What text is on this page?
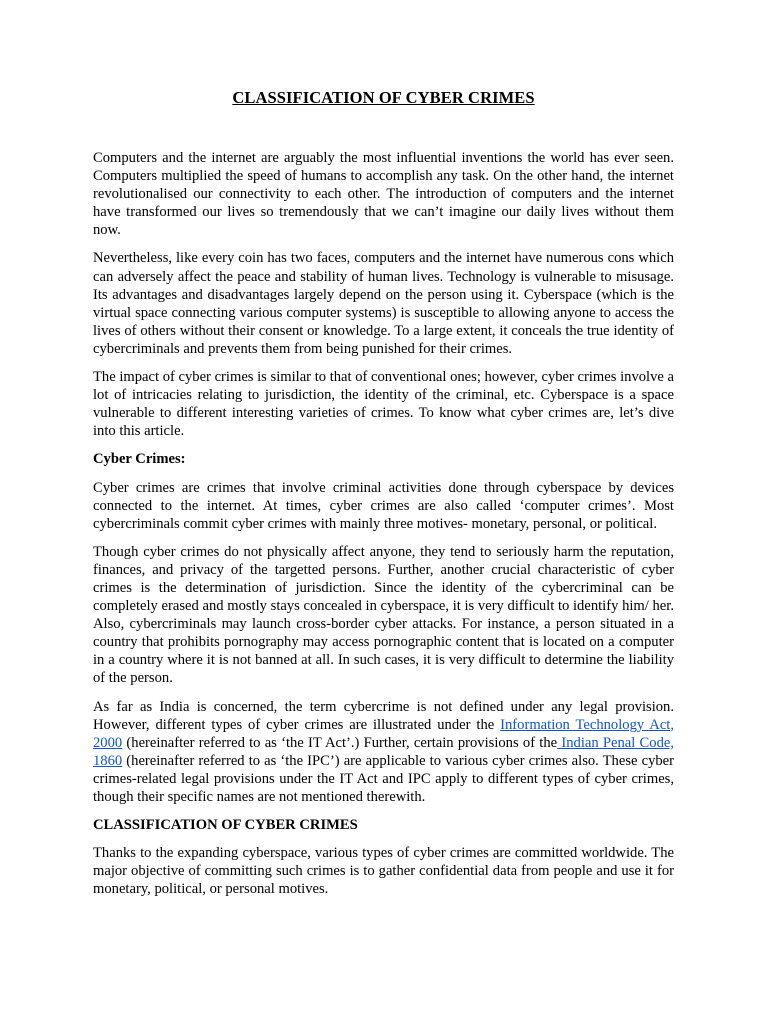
CLASSIFICATION OF CYBER CRIMES

Computers and the internet are arguably the most influential inventions the world has ever seen. Computers multiplied the speed of humans to accomplish any task. On the other hand, the internet revolutionalised our connectivity to each other. The introduction of computers and the internet have transformed our lives so tremendously that we can’t imagine our daily lives without them now.

Nevertheless, like every coin has two faces, computers and the internet have numerous cons which can adversely affect the peace and stability of human lives. Technology is vulnerable to misusage. Its advantages and disadvantages largely depend on the person using it. Cyberspace (which is the virtual space connecting various computer systems) is susceptible to allowing anyone to access the lives of others without their consent or knowledge. To a large extent, it conceals the true identity of cybercriminals and prevents them from being punished for their crimes.

The impact of cyber crimes is similar to that of conventional ones; however, cyber crimes involve a lot of intricacies relating to jurisdiction, the identity of the criminal, etc. Cyberspace is a space vulnerable to different interesting varieties of crimes. To know what cyber crimes are, let’s dive into this article.

Cyber Crimes:

Cyber crimes are crimes that involve criminal activities done through cyberspace by devices connected to the internet. At times, cyber crimes are also called ‘computer crimes’. Most cybercriminals commit cyber crimes with mainly three motives- monetary, personal, or political.

Though cyber crimes do not physically affect anyone, they tend to seriously harm the reputation, finances, and privacy of the targetted persons. Further, another crucial characteristic of cyber crimes is the determination of jurisdiction. Since the identity of the cybercriminal can be completely erased and mostly stays concealed in cyberspace, it is very difficult to identify him/ her. Also, cybercriminals may launch cross-border cyber attacks. For instance, a person situated in a country that prohibits pornography may access pornographic content that is located on a computer in a country where it is not banned at all. In such cases, it is very difficult to determine the liability of the person.

As far as India is concerned, the term cybercrime is not defined under any legal provision. However, different types of cyber crimes are illustrated under the Information Technology Act, 2000 (hereinafter referred to as ‘the IT Act’.) Further, certain provisions of the Indian Penal Code, 1860 (hereinafter referred to as ‘the IPC’) are applicable to various cyber crimes also. These cyber crimes-related legal provisions under the IT Act and IPC apply to different types of cyber crimes, though their specific names are not mentioned therewith.

CLASSIFICATION OF CYBER CRIMES

Thanks to the expanding cyberspace, various types of cyber crimes are committed worldwide. The major objective of committing such crimes is to gather confidential data from people and use it for monetary, political, or personal motives.
